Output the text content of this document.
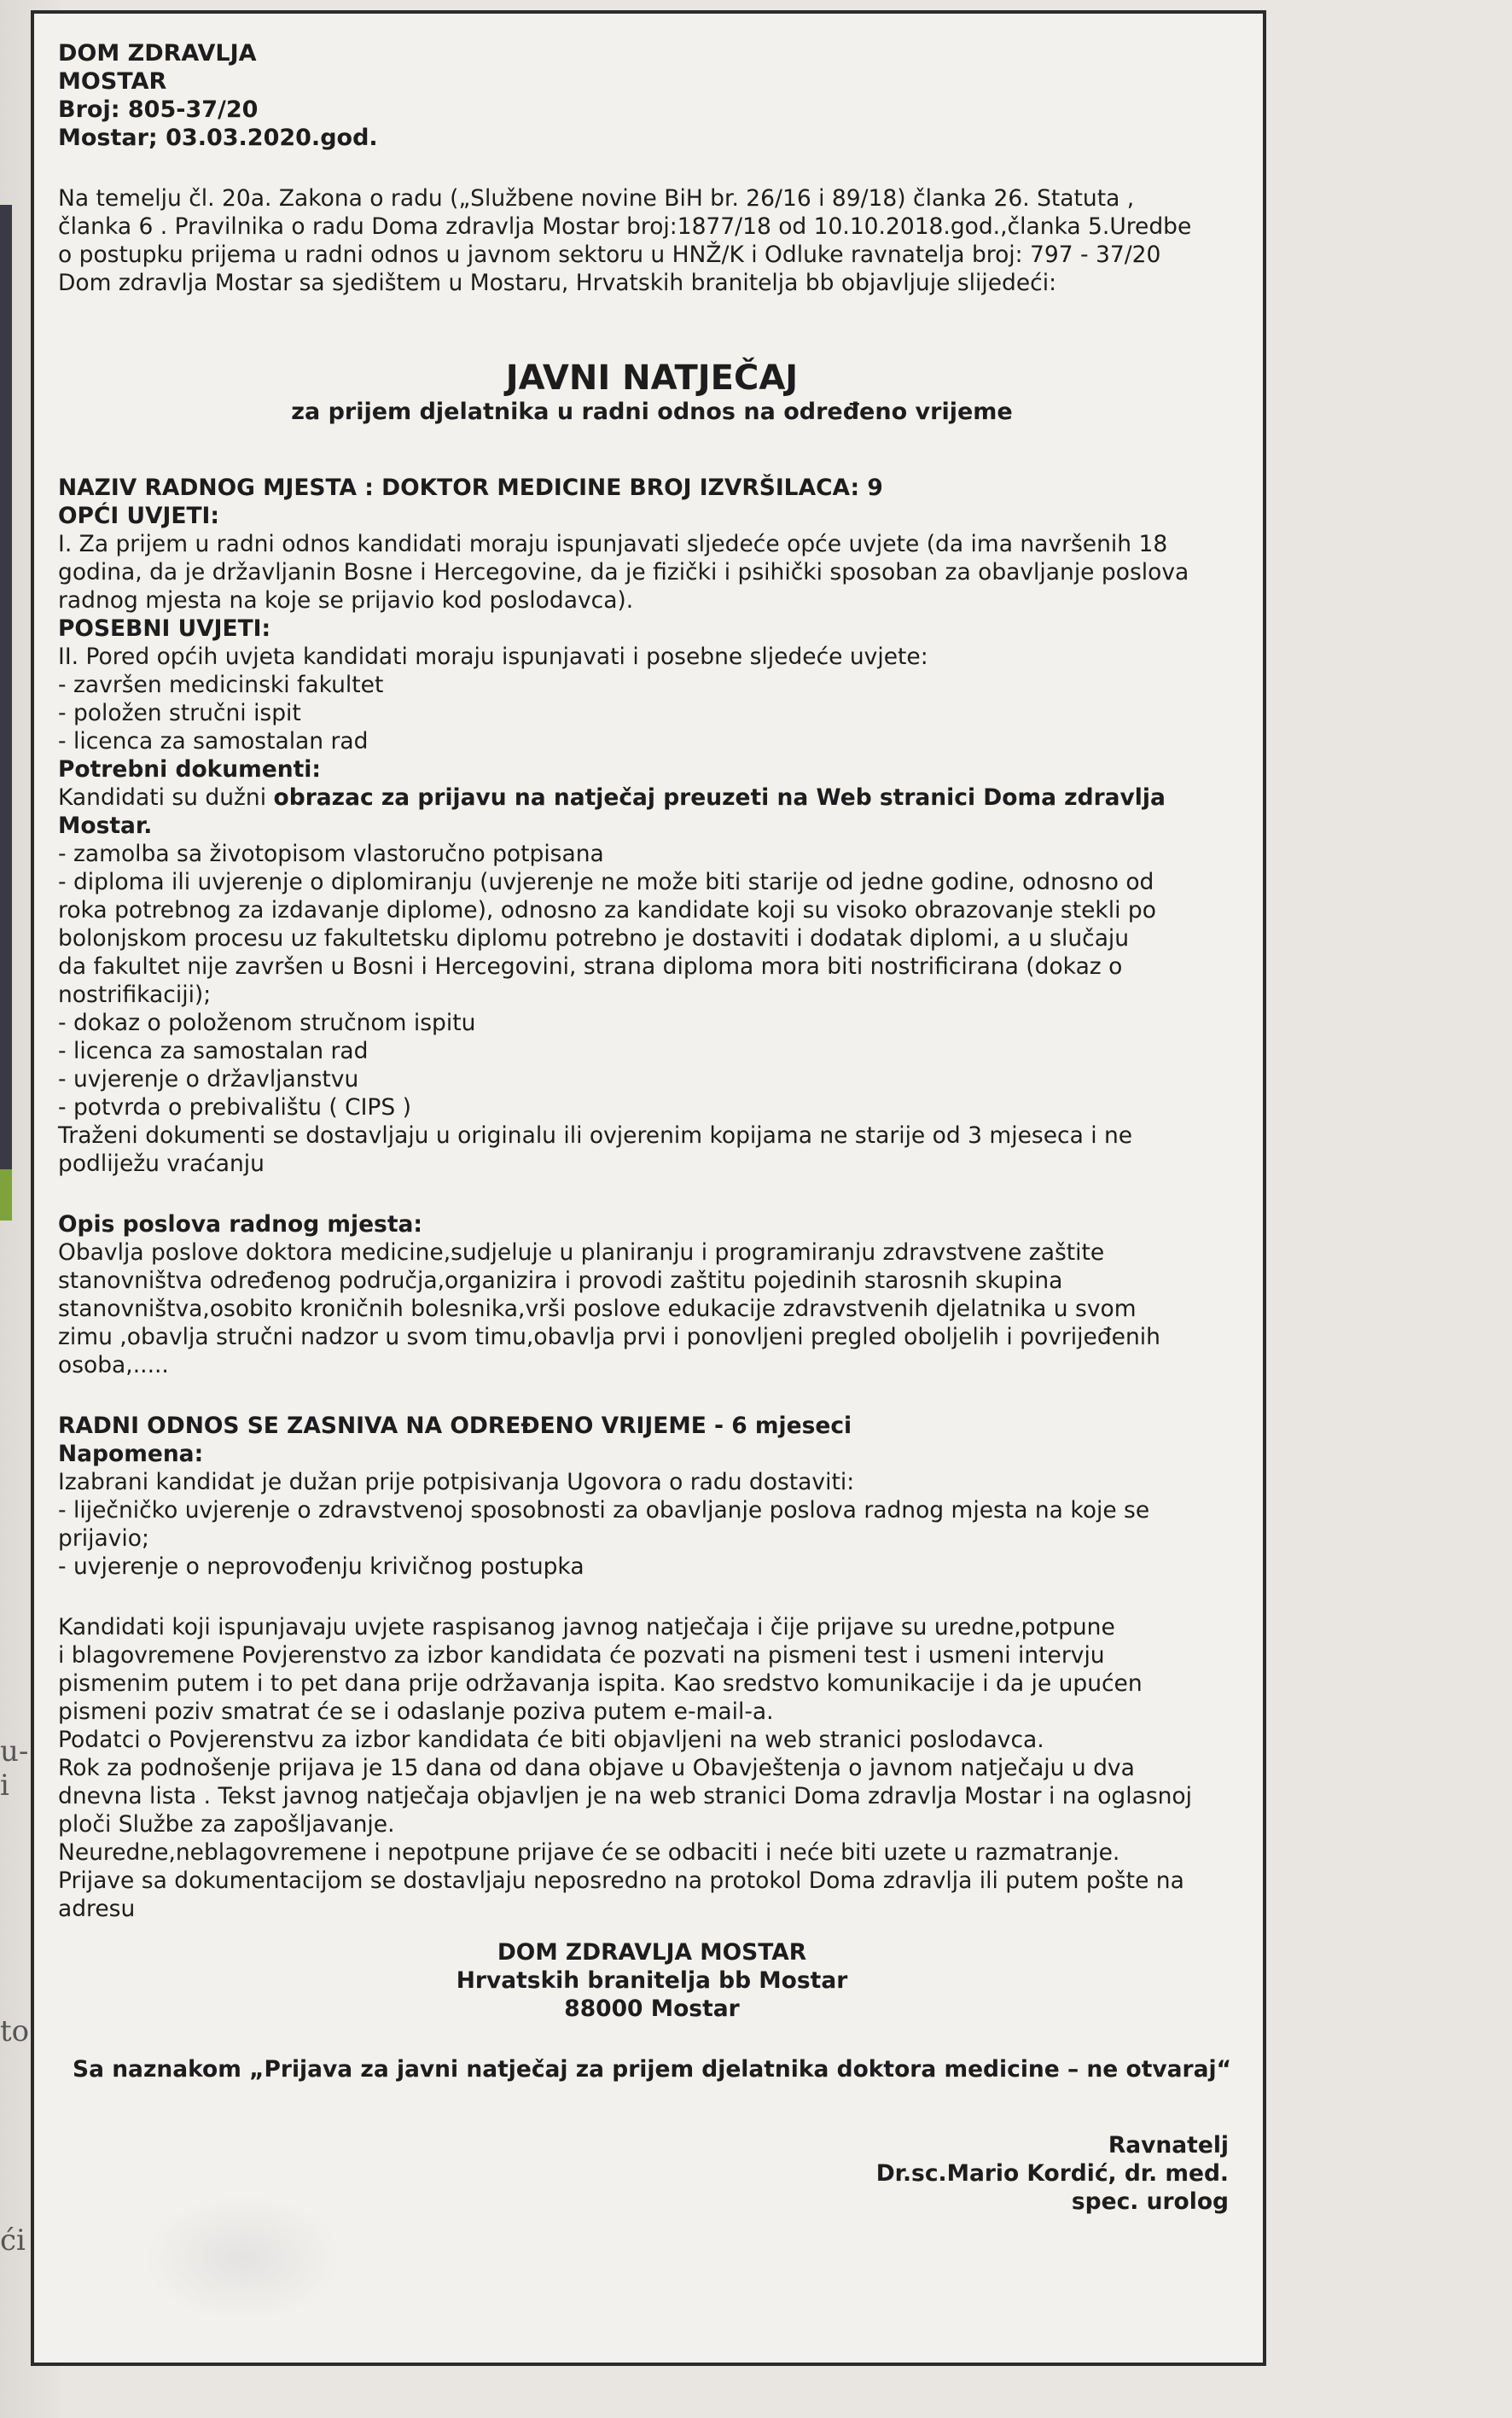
u-
i
to
ći

DOM ZDRAVLJA

MOSTAR

Broj: 805-37/20

Mostar; 03.03.2020.god.

Na temelju čl. 20a. Zakona o radu („Službene novine BiH br. 26/16 i 89/18) članka 26. Statuta ,

članka 6 . Pravilnika o radu Doma zdravlja Mostar broj:1877/18 od 10.10.2018.god.,članka 5.Uredbe

o postupku prijema u radni odnos u javnom sektoru u HNŽ/K i Odluke ravnatelja broj: 797 - 37/20

Dom zdravlja Mostar sa sjedištem u Mostaru, Hrvatskih branitelja bb objavljuje slijedeći:

JAVNI NATJEČAJ

za prijem djelatnika u radni odnos na određeno vrijeme

NAZIV RADNOG MJESTA : DOKTOR MEDICINE BROJ IZVRŠILACA: 9

OPĆI UVJETI:

I. Za prijem u radni odnos kandidati moraju ispunjavati sljedeće opće uvjete (da ima navršenih 18

godina, da je državljanin Bosne i Hercegovine, da je fizički i psihički sposoban za obavljanje poslova

radnog mjesta na koje se prijavio kod poslodavca).

POSEBNI UVJETI:

II. Pored općih uvjeta kandidati moraju ispunjavati i posebne sljedeće uvjete:

- završen medicinski fakultet

- položen stručni ispit

- licenca za samostalan rad

Potrebni dokumenti:

Kandidati su dužni obrazac za prijavu na natječaj preuzeti na Web stranici Doma zdravlja

Mostar.

- zamolba sa životopisom vlastoručno potpisana

- diploma ili uvjerenje o diplomiranju (uvjerenje ne može biti starije od jedne godine, odnosno od

roka potrebnog za izdavanje diplome), odnosno za kandidate koji su visoko obrazovanje stekli po

bolonjskom procesu uz fakultetsku diplomu potrebno je dostaviti i dodatak diplomi, a u slučaju

da fakultet nije završen u Bosni i Hercegovini, strana diploma mora biti nostrificirana (dokaz o

nostrifikaciji);

- dokaz o položenom stručnom ispitu

- licenca za samostalan rad

- uvjerenje o državljanstvu

- potvrda o prebivalištu ( CIPS )

Traženi dokumenti se dostavljaju u originalu ili ovjerenim kopijama ne starije od 3 mjeseca i ne

podliježu vraćanju

Opis poslova radnog mjesta:

Obavlja poslove doktora medicine,sudjeluje u planiranju i programiranju zdravstvene zaštite

stanovništva određenog područja,organizira i provodi zaštitu pojedinih starosnih skupina

stanovništva,osobito kroničnih bolesnika,vrši poslove edukacije zdravstvenih djelatnika u svom

zimu ,obavlja stručni nadzor u svom timu,obavlja prvi i ponovljeni pregled oboljelih i povrijeđenih

osoba,.....

RADNI ODNOS SE ZASNIVA NA ODREĐENO VRIJEME - 6 mjeseci

Napomena:

Izabrani kandidat je dužan prije potpisivanja Ugovora o radu dostaviti:

- liječničko uvjerenje o zdravstvenoj sposobnosti za obavljanje poslova radnog mjesta na koje se

prijavio;

- uvjerenje o neprovođenju krivičnog postupka

Kandidati koji ispunjavaju uvjete raspisanog javnog natječaja i čije prijave su uredne,potpune

i blagovremene Povjerenstvo za izbor kandidata će pozvati na pismeni test i usmeni intervju

pismenim putem i to pet dana prije održavanja ispita. Kao sredstvo komunikacije i da je upućen

pismeni poziv smatrat će se i odaslanje poziva putem e-mail-a.

Podatci o Povjerenstvu za izbor kandidata će biti objavljeni na web stranici poslodavca.

Rok za podnošenje prijava je 15 dana od dana objave u Obavještenja o javnom natječaju u dva

dnevna lista . Tekst javnog natječaja objavljen je na web stranici Doma zdravlja Mostar i na oglasnoj

ploči Službe za zapošljavanje.

Neuredne,neblagovremene i nepotpune prijave će se odbaciti i neće biti uzete u razmatranje.

Prijave sa dokumentacijom se dostavljaju neposredno na protokol Doma zdravlja ili putem pošte na

adresu

DOM ZDRAVLJA MOSTAR

Hrvatskih branitelja bb Mostar

88000 Mostar

Sa naznakom „Prijava za javni natječaj za prijem djelatnika doktora medicine – ne otvaraj“

Ravnatelj

Dr.sc.Mario Kordić, dr. med.

spec. urolog
